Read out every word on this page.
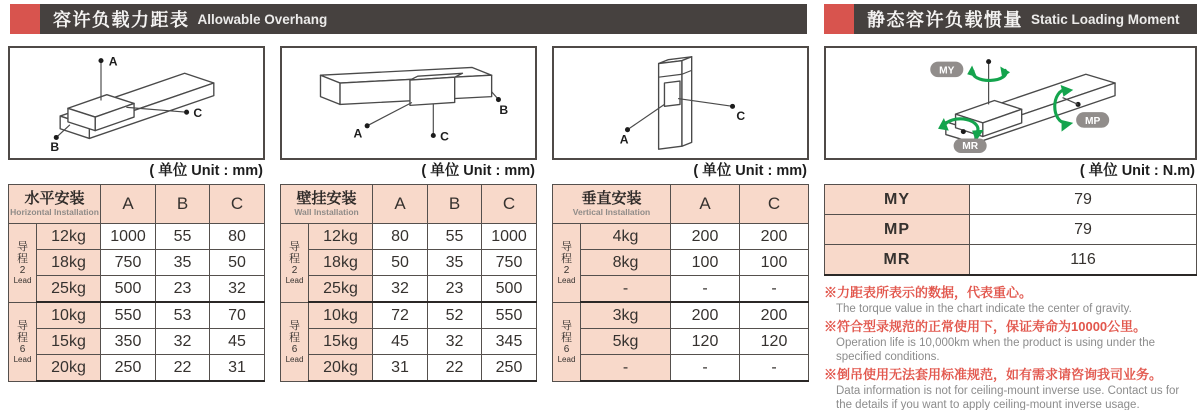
容许负载力距表 Allowable Overhang	静态容许负载惯量 Static Loading Moment
A
B
C
( 单位 Unit : mm)
水平安装
Horizontal Installation		A	B	C

导
程
2
Lead	12kg	1000	55	80
	18kg	750	35	50
	25kg	500	23	32

导
程
6
Lead	10kg	550	53	70
	15kg	350	32	45
	20kg	250	22	31
A
B
C
( 单位 Unit : mm)
壁挂安装
Wall Installation		A	B	C

导
程
2
Lead	12kg	80	55	1000
	18kg	50	35	750
	25kg	32	23	500

导
程
6
Lead	10kg	72	52	550
	15kg	45	32	345
	20kg	31	22	250
A
C
( 单位 Unit : mm)
垂直安装
Vertical Installation		A	C

导
程
2
Lead	4kg	200	200
	8kg	100	100
	-	-	-

导
程
6
Lead	3kg	200	200
	5kg	120	120
	-	-	-
MY
MP
MR
( 单位 Unit : N.m)
MY	79
MP	79
MR	116
※力距表所表示的数据，代表重心。
The torque value in the chart indicate the center of gravity.
※符合型录规范的正常使用下，保证寿命为10000公里。
Operation life is 10,000km when the product is using under the specified conditions.
※倒吊使用无法套用标准规范，如有需求请咨询我司业务。
Data information is not for ceiling-mount inverse use. Contact us for the details if you want to apply ceiling-mount inverse usage.
